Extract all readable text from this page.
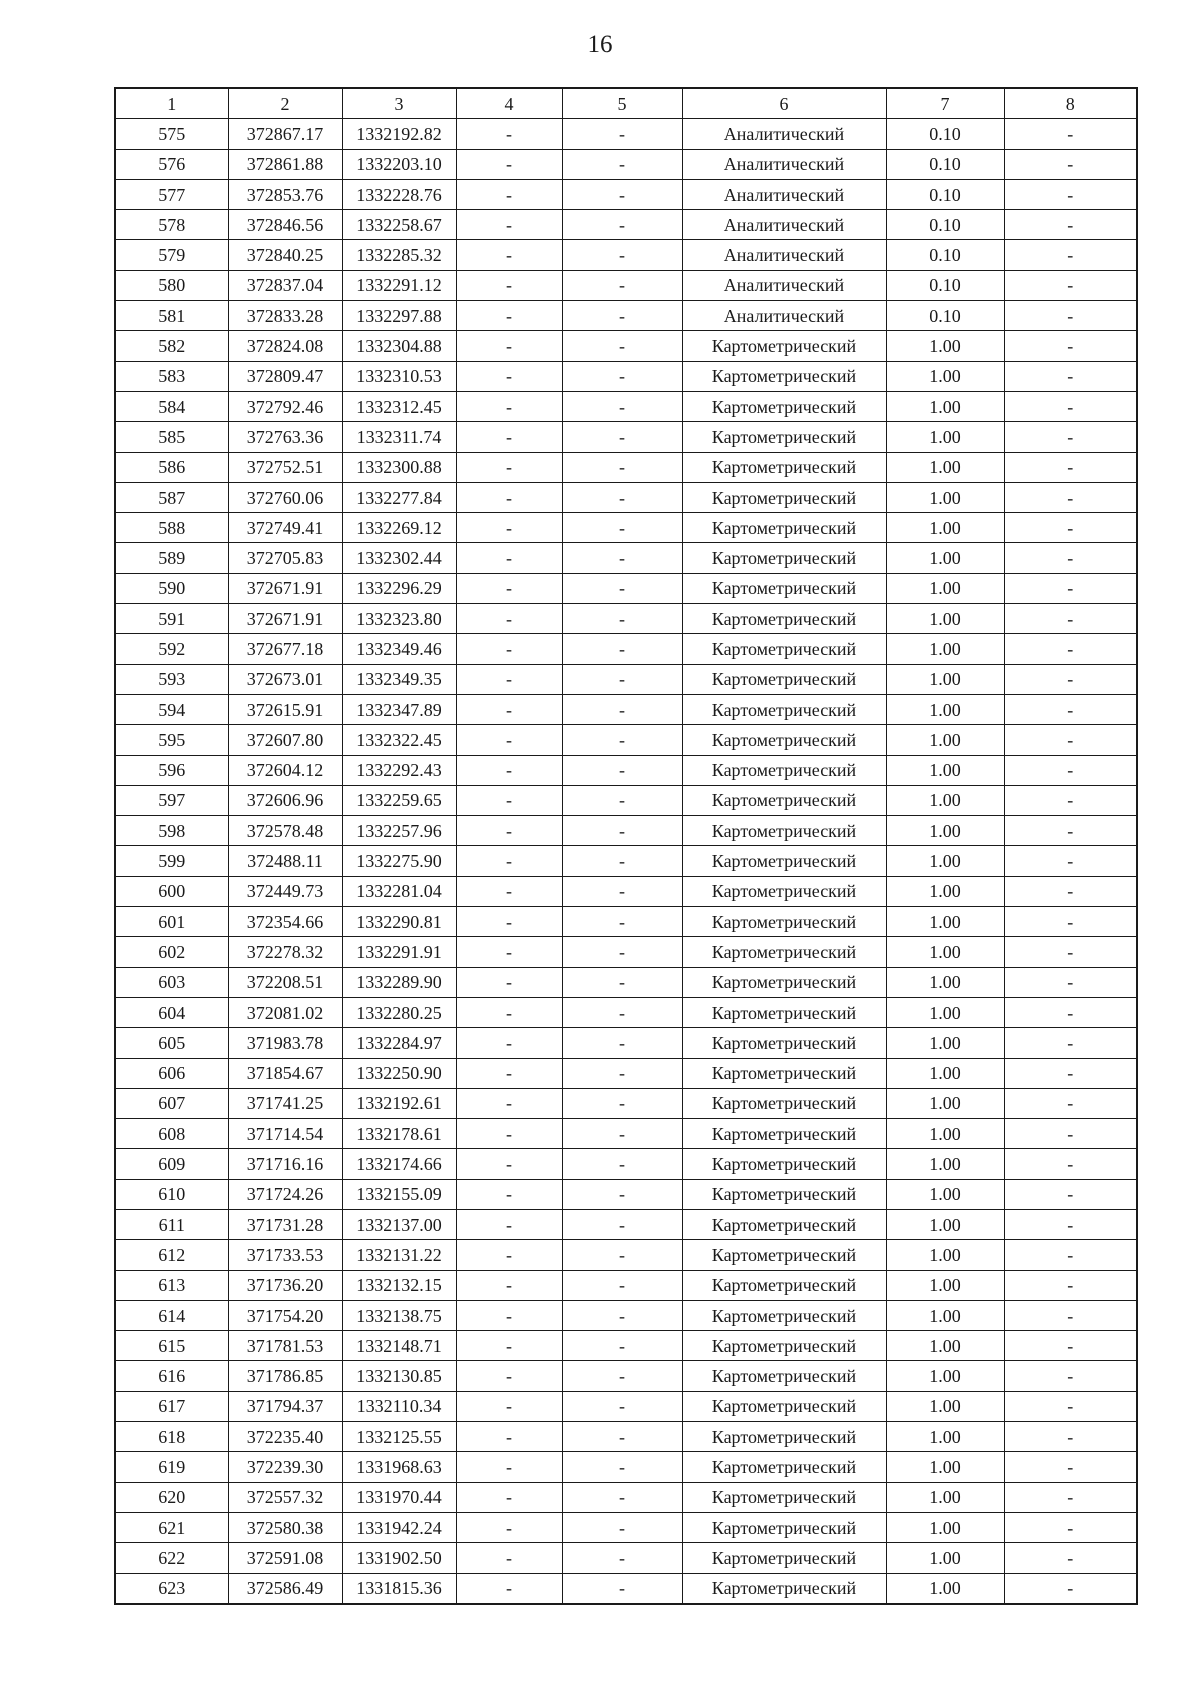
16
1	2	3	4	5	6	7	8
575	372867.17	1332192.82	-	-	Аналитический	0.10	-
576	372861.88	1332203.10	-	-	Аналитический	0.10	-
577	372853.76	1332228.76	-	-	Аналитический	0.10	-
578	372846.56	1332258.67	-	-	Аналитический	0.10	-
579	372840.25	1332285.32	-	-	Аналитический	0.10	-
580	372837.04	1332291.12	-	-	Аналитический	0.10	-
581	372833.28	1332297.88	-	-	Аналитический	0.10	-
582	372824.08	1332304.88	-	-	Картометрический	1.00	-
583	372809.47	1332310.53	-	-	Картометрический	1.00	-
584	372792.46	1332312.45	-	-	Картометрический	1.00	-
585	372763.36	1332311.74	-	-	Картометрический	1.00	-
586	372752.51	1332300.88	-	-	Картометрический	1.00	-
587	372760.06	1332277.84	-	-	Картометрический	1.00	-
588	372749.41	1332269.12	-	-	Картометрический	1.00	-
589	372705.83	1332302.44	-	-	Картометрический	1.00	-
590	372671.91	1332296.29	-	-	Картометрический	1.00	-
591	372671.91	1332323.80	-	-	Картометрический	1.00	-
592	372677.18	1332349.46	-	-	Картометрический	1.00	-
593	372673.01	1332349.35	-	-	Картометрический	1.00	-
594	372615.91	1332347.89	-	-	Картометрический	1.00	-
595	372607.80	1332322.45	-	-	Картометрический	1.00	-
596	372604.12	1332292.43	-	-	Картометрический	1.00	-
597	372606.96	1332259.65	-	-	Картометрический	1.00	-
598	372578.48	1332257.96	-	-	Картометрический	1.00	-
599	372488.11	1332275.90	-	-	Картометрический	1.00	-
600	372449.73	1332281.04	-	-	Картометрический	1.00	-
601	372354.66	1332290.81	-	-	Картометрический	1.00	-
602	372278.32	1332291.91	-	-	Картометрический	1.00	-
603	372208.51	1332289.90	-	-	Картометрический	1.00	-
604	372081.02	1332280.25	-	-	Картометрический	1.00	-
605	371983.78	1332284.97	-	-	Картометрический	1.00	-
606	371854.67	1332250.90	-	-	Картометрический	1.00	-
607	371741.25	1332192.61	-	-	Картометрический	1.00	-
608	371714.54	1332178.61	-	-	Картометрический	1.00	-
609	371716.16	1332174.66	-	-	Картометрический	1.00	-
610	371724.26	1332155.09	-	-	Картометрический	1.00	-
611	371731.28	1332137.00	-	-	Картометрический	1.00	-
612	371733.53	1332131.22	-	-	Картометрический	1.00	-
613	371736.20	1332132.15	-	-	Картометрический	1.00	-
614	371754.20	1332138.75	-	-	Картометрический	1.00	-
615	371781.53	1332148.71	-	-	Картометрический	1.00	-
616	371786.85	1332130.85	-	-	Картометрический	1.00	-
617	371794.37	1332110.34	-	-	Картометрический	1.00	-
618	372235.40	1332125.55	-	-	Картометрический	1.00	-
619	372239.30	1331968.63	-	-	Картометрический	1.00	-
620	372557.32	1331970.44	-	-	Картометрический	1.00	-
621	372580.38	1331942.24	-	-	Картометрический	1.00	-
622	372591.08	1331902.50	-	-	Картометрический	1.00	-
623	372586.49	1331815.36	-	-	Картометрический	1.00	-
